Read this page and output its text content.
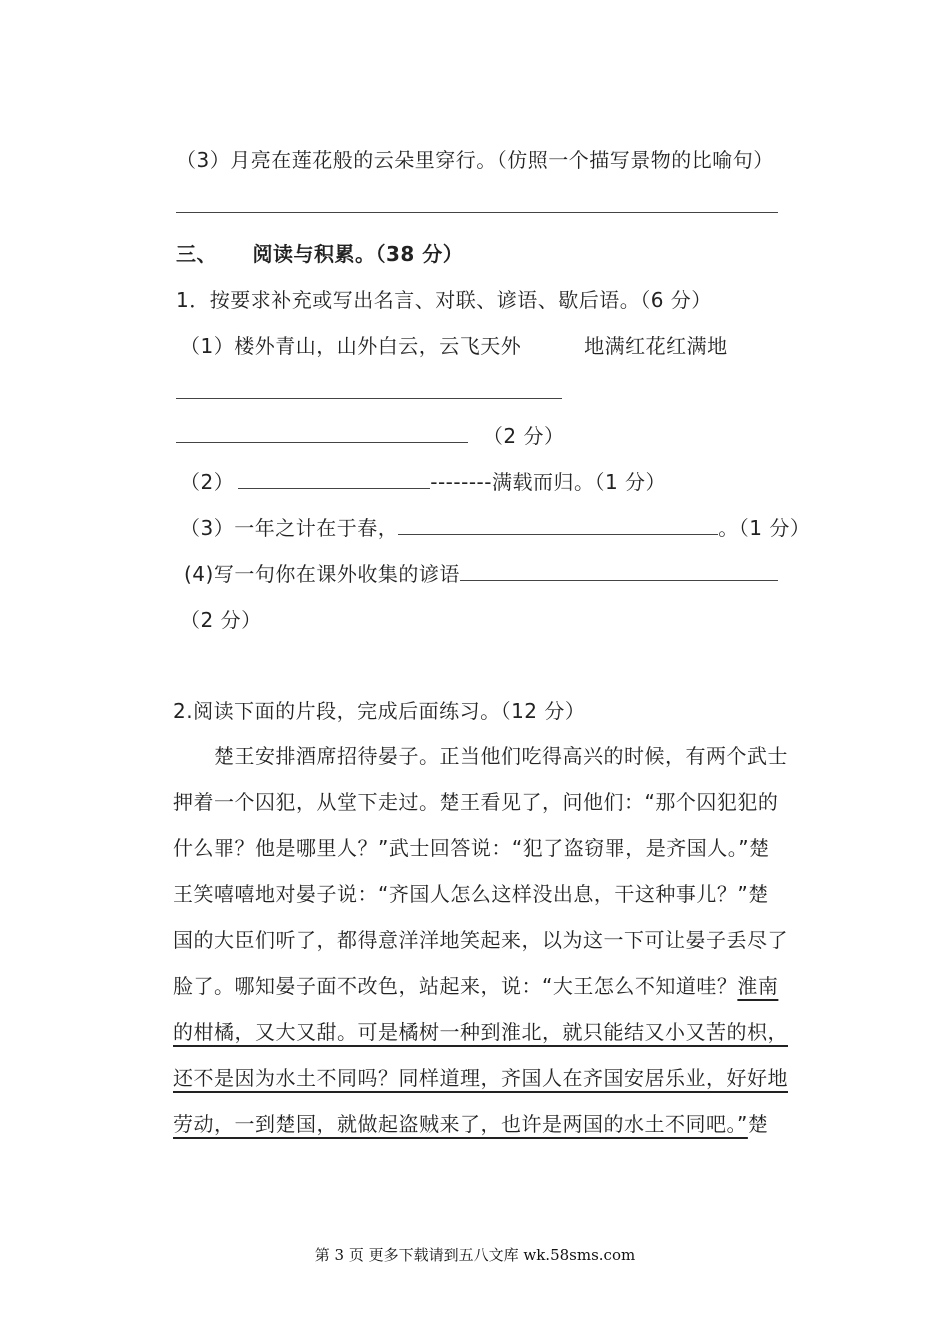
（3）月亮在莲花般的云朵里穿行。（仿照一个描写景物的比喻句）
三、 阅读与积累。（38 分）
1．按要求补充或写出名言、对联、谚语、歇后语。（6 分）
（1）楼外青山，山外白云，云飞天外	地满红花红满地
（2 分）
（2）	--------满载而归。（1 分）
（3）一年之计在于春，	。（1 分）
(4)写一句你在课外收集的谚语
（2 分）
2.阅读下面的片段，完成后面练习。（12 分）
楚王安排酒席招待晏子。正当他们吃得高兴的时候，有两个武士
押着一个囚犯，从堂下走过。楚王看见了，问他们：“那个囚犯犯的
什么罪？他是哪里人？”武士回答说：“犯了盗窃罪，是齐国人。”楚
王笑嘻嘻地对晏子说：“齐国人怎么这样没出息，干这种事儿？”楚
国的大臣们听了，都得意洋洋地笑起来，以为这一下可让晏子丢尽了
脸了。哪知晏子面不改色，站起来，说：“大王怎么不知道哇？淮南
的柑橘，又大又甜。可是橘树一种到淮北，就只能结又小又苦的枳，
还不是因为水土不同吗？同样道理，齐国人在齐国安居乐业，好好地
劳动，一到楚国，就做起盗贼来了，也许是两国的水土不同吧。”楚
第 3 页 更多下载请到五八文库 wk.58sms.com
